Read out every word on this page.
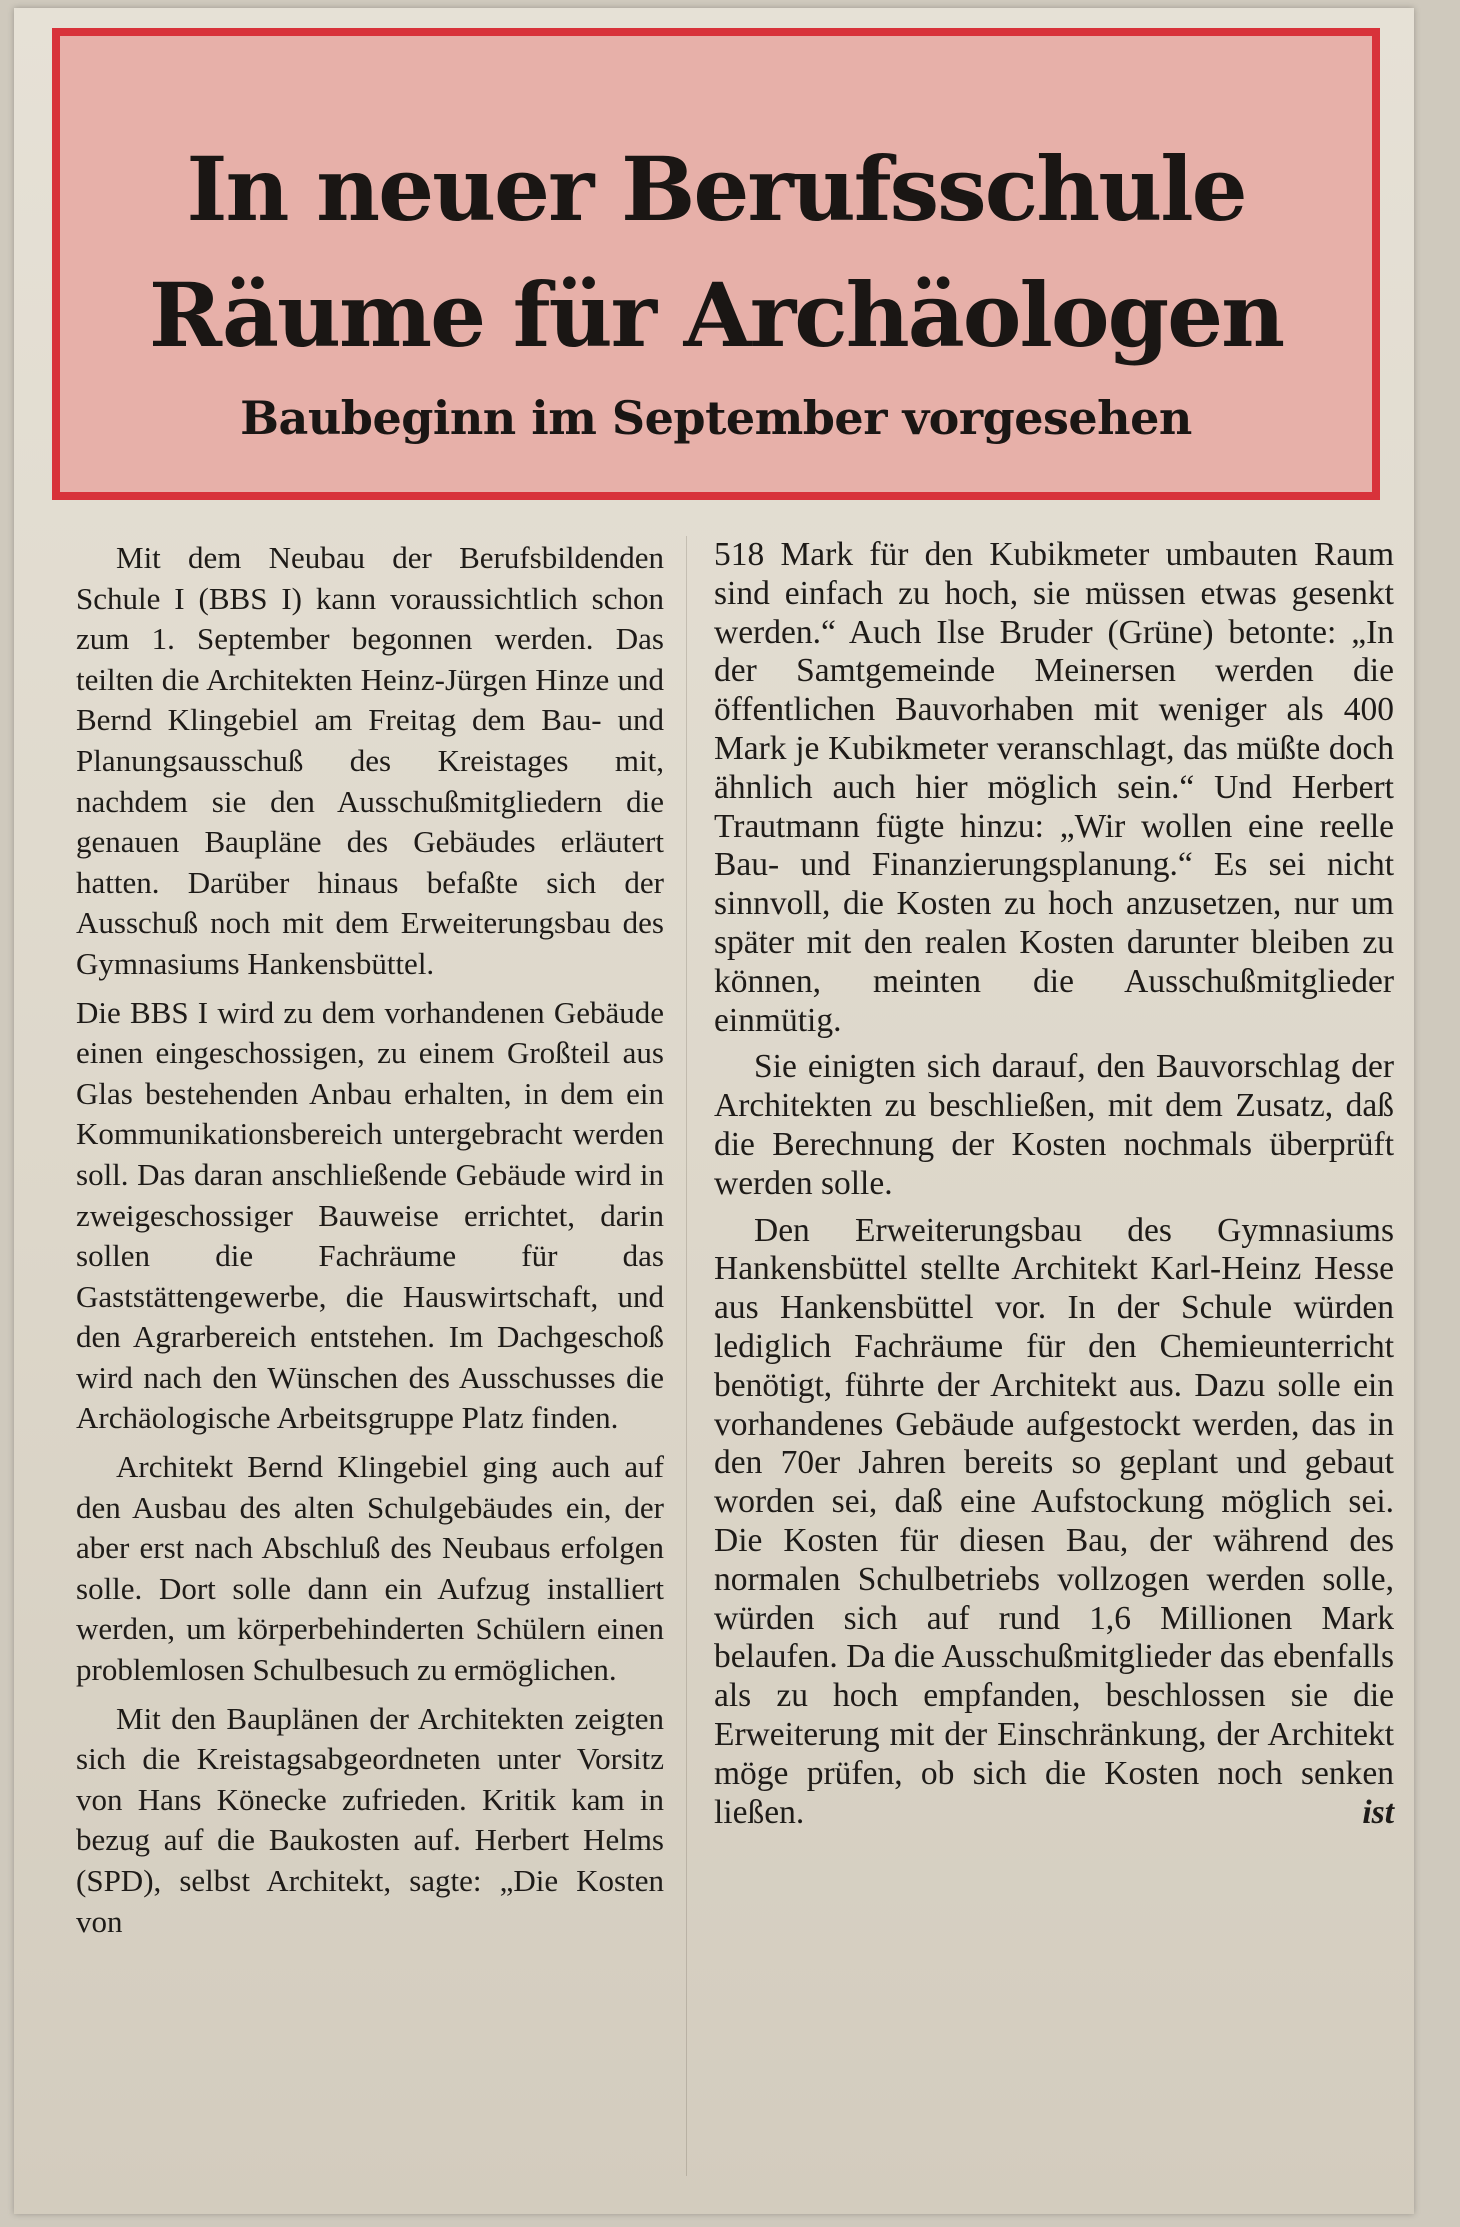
In neuer Berufsschule
Räume für Archäologen
Baubeginn im September vorgesehen

Mit dem Neubau der Berufsbildenden Schule I (BBS I) kann voraussichtlich schon zum 1. September begonnen werden. Das teilten die Architekten Heinz-Jürgen Hinze und Bernd Klingebiel am Freitag dem Bau- und Planungsausschuß des Kreistages mit, nachdem sie den Ausschußmitgliedern die genauen Baupläne des Gebäudes erläutert hatten. Darüber hinaus befaßte sich der Ausschuß noch mit dem Erweiterungsbau des Gymnasiums Hankensbüttel.

Die BBS I wird zu dem vorhandenen Gebäude einen eingeschossigen, zu einem Großteil aus Glas bestehenden Anbau erhalten, in dem ein Kommunikationsbereich untergebracht werden soll. Das daran anschließende Gebäude wird in zweigeschossiger Bauweise errichtet, darin sollen die Fachräume für das Gaststättengewerbe, die Hauswirtschaft, und den Agrarbereich entstehen. Im Dachgeschoß wird nach den Wünschen des Ausschusses die Archäologische Arbeitsgruppe Platz finden.

Architekt Bernd Klingebiel ging auch auf den Ausbau des alten Schulgebäudes ein, der aber erst nach Abschluß des Neubaus erfolgen solle. Dort solle dann ein Aufzug installiert werden, um körperbehinderten Schülern einen problemlosen Schulbesuch zu ermöglichen.

Mit den Bauplänen der Architekten zeigten sich die Kreistagsabgeordneten unter Vorsitz von Hans Könecke zufrieden. Kritik kam in bezug auf die Baukosten auf. Herbert Helms (SPD), selbst Architekt, sagte: „Die Kosten von

518 Mark für den Kubikmeter umbauten Raum sind einfach zu hoch, sie müssen etwas gesenkt werden.“ Auch Ilse Bruder (Grüne) betonte: „In der Samtgemeinde Meinersen werden die öffentlichen Bauvorhaben mit weniger als 400 Mark je Kubikmeter veranschlagt, das müßte doch ähnlich auch hier möglich sein.“ Und Herbert Trautmann fügte hinzu: „Wir wollen eine reelle Bau- und Finanzierungsplanung.“ Es sei nicht sinnvoll, die Kosten zu hoch anzusetzen, nur um später mit den realen Kosten darunter bleiben zu können, meinten die Ausschußmitglieder einmütig.

Sie einigten sich darauf, den Bauvorschlag der Architekten zu beschließen, mit dem Zusatz, daß die Berechnung der Kosten nochmals überprüft werden solle.

Den Erweiterungsbau des Gymnasiums Hankensbüttel stellte Architekt Karl-Heinz Hesse aus Hankensbüttel vor. In der Schule würden lediglich Fachräume für den Chemieunterricht benötigt, führte der Architekt aus. Dazu solle ein vorhandenes Gebäude aufgestockt werden, das in den 70er Jahren bereits so geplant und gebaut worden sei, daß eine Aufstockung möglich sei. Die Kosten für diesen Bau, der während des normalen Schulbetriebs vollzogen werden solle, würden sich auf rund 1,6 Millionen Mark belaufen. Da die Ausschußmitglieder das ebenfalls als zu hoch empfanden, beschlossen sie die Erweiterung mit der Einschränkung, der Architekt möge prüfen, ob sich die Kosten noch senken ließen.	ist
